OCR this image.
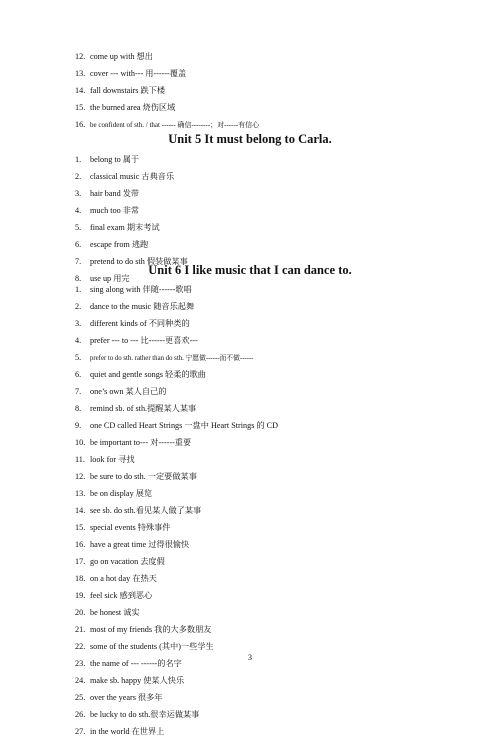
12. come up with 想出
13. cover --- with--- 用------覆盖
14. fall downstairs 跌下楼
15. the burned area 烧伤区域
16. be confident of sth. / that ------ 确信--------；对------有信心
Unit 5 It must belong to Carla.
1. belong to 属于
2. classical music 古典音乐
3. hair band 发带
4. much too 非常
5. final exam 期末考试
6. escape from 逃跑
7. pretend to do sth 假装做某事
8. use up 用完
Unit 6 I like music that I can dance to.
1. sing along with 伴随------歌唱
2. dance to the music 随音乐起舞
3. different kinds of 不同种类的
4. prefer --- to --- 比------更喜欢---
5. prefer to do sth. rather than do sth. 宁愿做------而不做------
6. quiet and gentle songs 轻柔的歌曲
7. one’s own 某人自己的
8. remind sb. of sth.提醒某人某事
9. one CD called Heart Strings 一盘中 Heart Strings 的 CD
10. be important to--- 对------重要
11. look for 寻找
12. be sure to do sth. 一定要做某事
13. be on display 展览
14. see sb. do sth.看见某人做了某事
15. special events 特殊事件
16. have a great time 过得很愉快
17. go on vacation 去度假
18. on a hot day 在热天
19. feel sick 感到恶心
20. be honest 诚实
21. most of my friends 我的大多数朋友
22. some of the students (其中)一些学生
23. the name of --- ------的名字
24. make sb. happy 使某人快乐
25. over the years 很多年
26. be lucky to do sth.很幸运做某事
27. in the world 在世界上
3
